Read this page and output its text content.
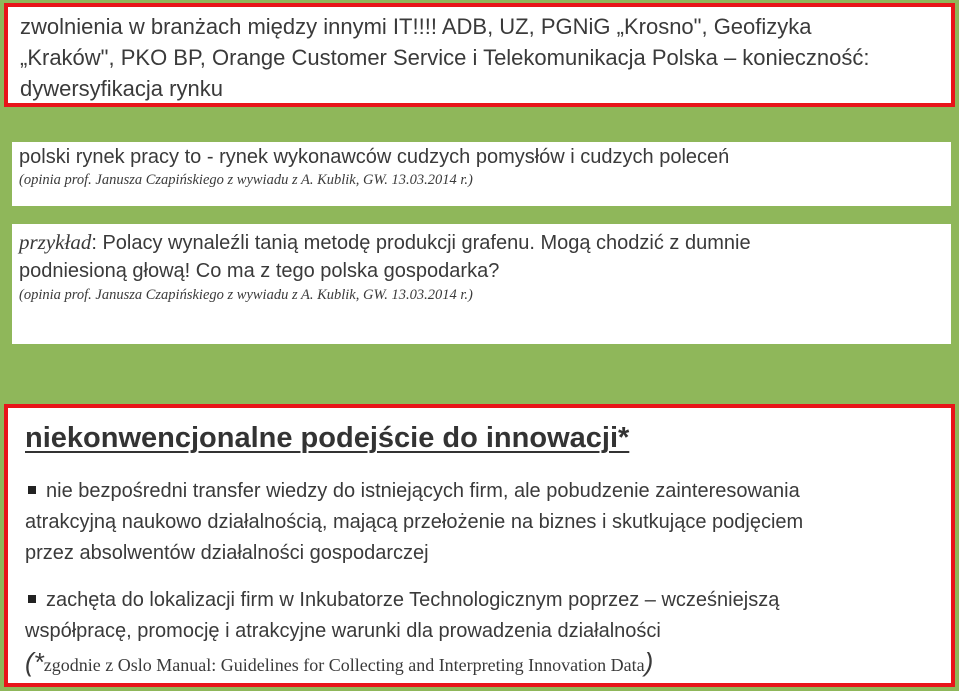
zwolnienia w branżach między innymi IT!!!! ADB, UZ, PGNiG „Krosno", Geofizyka
„Kraków", PKO BP, Orange Customer Service i Telekomunikacja Polska – konieczność:
dywersyfikacja rynku
polski rynek pracy to - rynek wykonawców cudzych pomysłów i cudzych poleceń
(opinia prof. Janusza Czapińskiego z wywiadu z A. Kublik, GW. 13.03.2014 r.)
przykład: Polacy wynaleźli tanią metodę produkcji grafenu. Mogą chodzić z dumnie
podniesioną głową! Co ma z tego polska gospodarka?
(opinia prof. Janusza Czapińskiego z wywiadu z A. Kublik, GW. 13.03.2014 r.)
niekonwencjonalne podejście do innowacji*
nie bezpośredni transfer wiedzy do istniejących firm, ale pobudzenie zainteresowania
atrakcyjną naukowo działalnością, mającą przełożenie na biznes i skutkujące podjęciem
przez absolwentów działalności gospodarczej
zachęta do lokalizacji firm w Inkubatorze Technologicznym poprzez – wcześniejszą
współpracę, promocję i atrakcyjne warunki dla prowadzenia działalności
(*zgodnie z Oslo Manual: Guidelines for Collecting and Interpreting Innovation Data)
